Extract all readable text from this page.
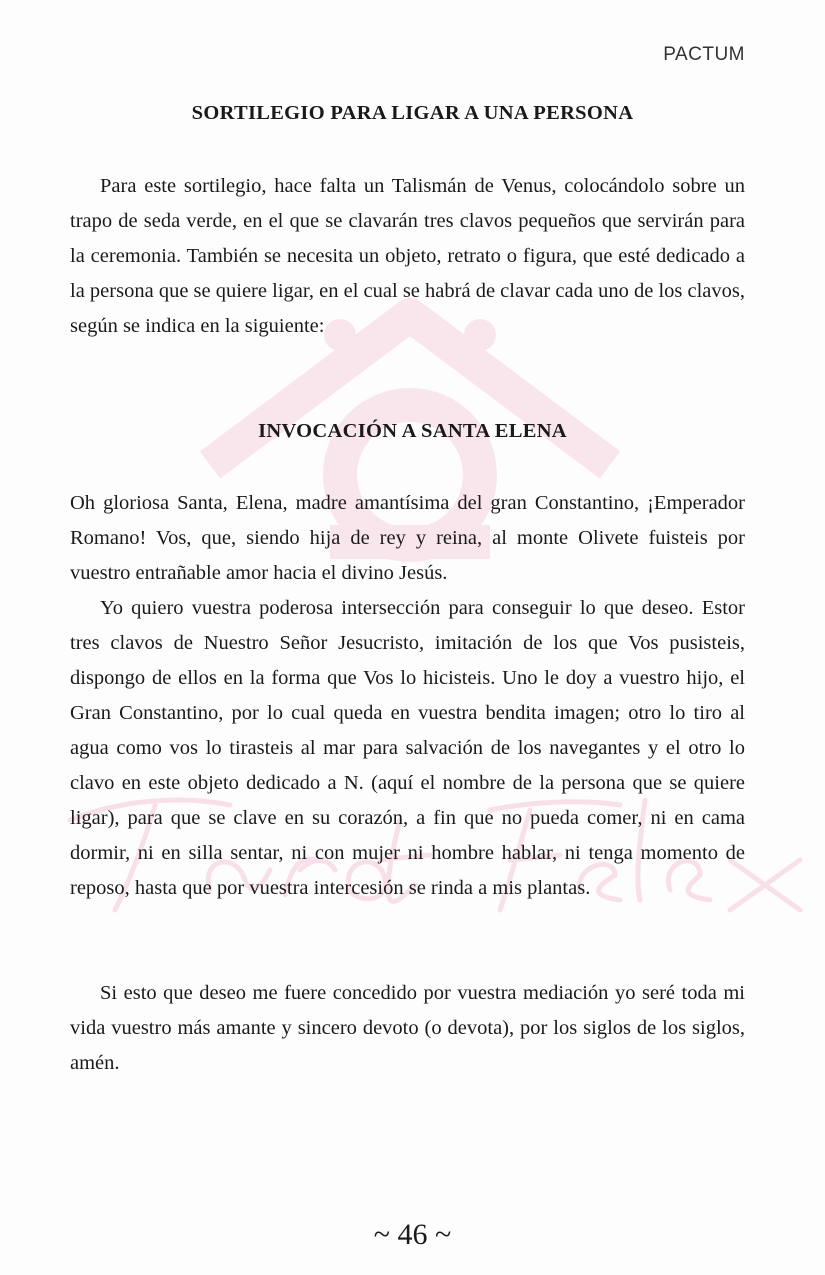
PACTUM
SORTILEGIO PARA LIGAR A UNA PERSONA

Para este sortilegio, hace falta un Talismán de Venus, colocándolo sobre un trapo de seda verde, en el que se clavarán tres clavos pequeños que servirán para la ceremonia. También se necesita un objeto, retrato o figura, que esté dedicado a la persona que se quiere ligar, en el cual se habrá de clavar cada uno de los clavos, según se indica en la siguiente:

INVOCACIÓN A SANTA ELENA

Oh gloriosa Santa, Elena, madre amantísima del gran Constantino, ¡Emperador Romano! Vos, que, siendo hija de rey y reina, al monte Olivete fuisteis por vuestro entrañable amor hacia el divino Jesús.

Yo quiero vuestra poderosa intersección para conseguir lo que deseo. Estor tres clavos de Nuestro Señor Jesucristo, imitación de los que Vos pusisteis, dispongo de ellos en la forma que Vos lo hicisteis. Uno le doy a vuestro hijo, el Gran Constantino, por lo cual queda en vuestra bendita imagen; otro lo tiro al agua como vos lo tirasteis al mar para salvación de los navegantes y el otro lo clavo en este objeto dedicado a N. (aquí el nombre de la persona que se quiere ligar), para que se clave en su corazón, a fin que no pueda comer, ni en cama dormir, ni en silla sentar, ni con mujer ni hombre hablar, ni tenga momento de reposo, hasta que por vuestra intercesión se rinda a mis plantas.

Si esto que deseo me fuere concedido por vuestra mediación yo seré toda mi vida vuestro más amante y sincero devoto (o devota), por los siglos de los siglos, amén.

~ 46 ~
